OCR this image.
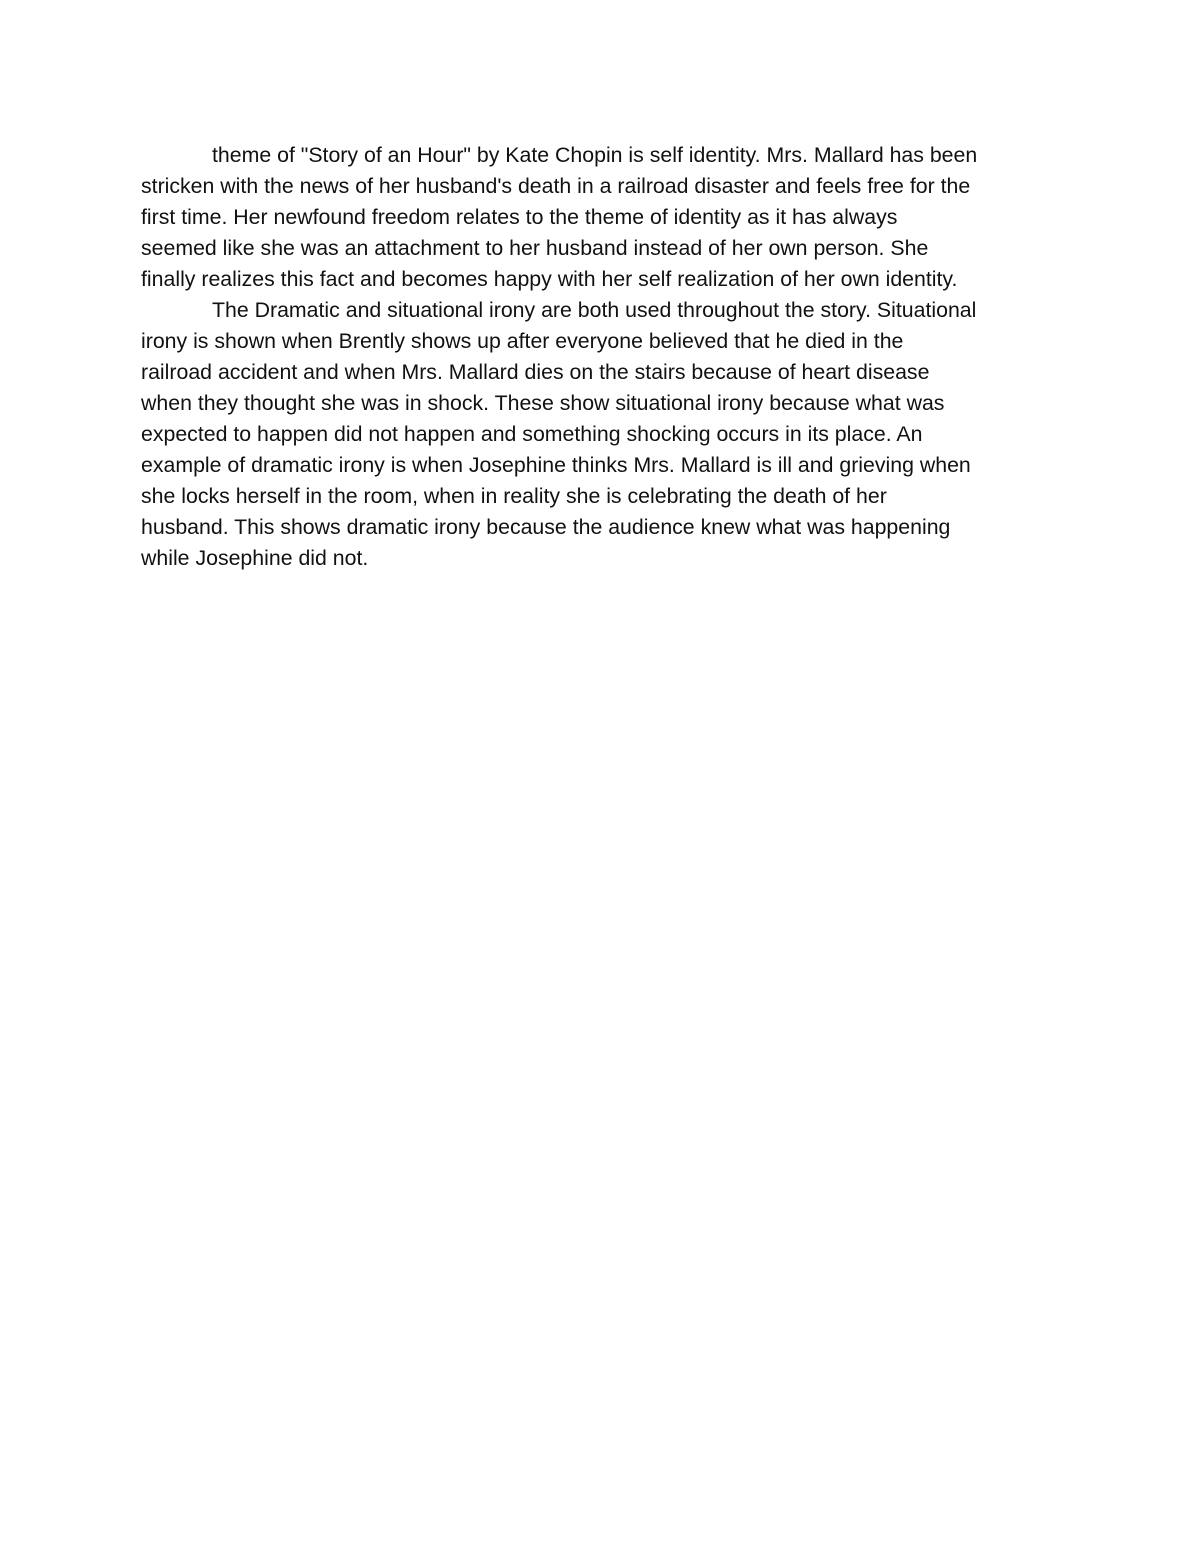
theme of "Story of an Hour" by Kate Chopin is self identity. Mrs. Mallard has been
stricken with the news of her husband's death in a railroad disaster and feels free for the
first time. Her newfound freedom relates to the theme of identity as it has always
seemed like she was an attachment to her husband instead of her own person. She
finally realizes this fact and becomes happy with her self realization of her own identity.
The Dramatic and situational irony are both used throughout the story. Situational
irony is shown when Brently shows up after everyone believed that he died in the
railroad accident and when Mrs. Mallard dies on the stairs because of heart disease
when they thought she was in shock. These show situational irony because what was
expected to happen did not happen and something shocking occurs in its place. An
example of dramatic irony is when Josephine thinks Mrs. Mallard is ill and grieving when
she locks herself in the room, when in reality she is celebrating the death of her
husband. This shows dramatic irony because the audience knew what was happening
while Josephine did not.
